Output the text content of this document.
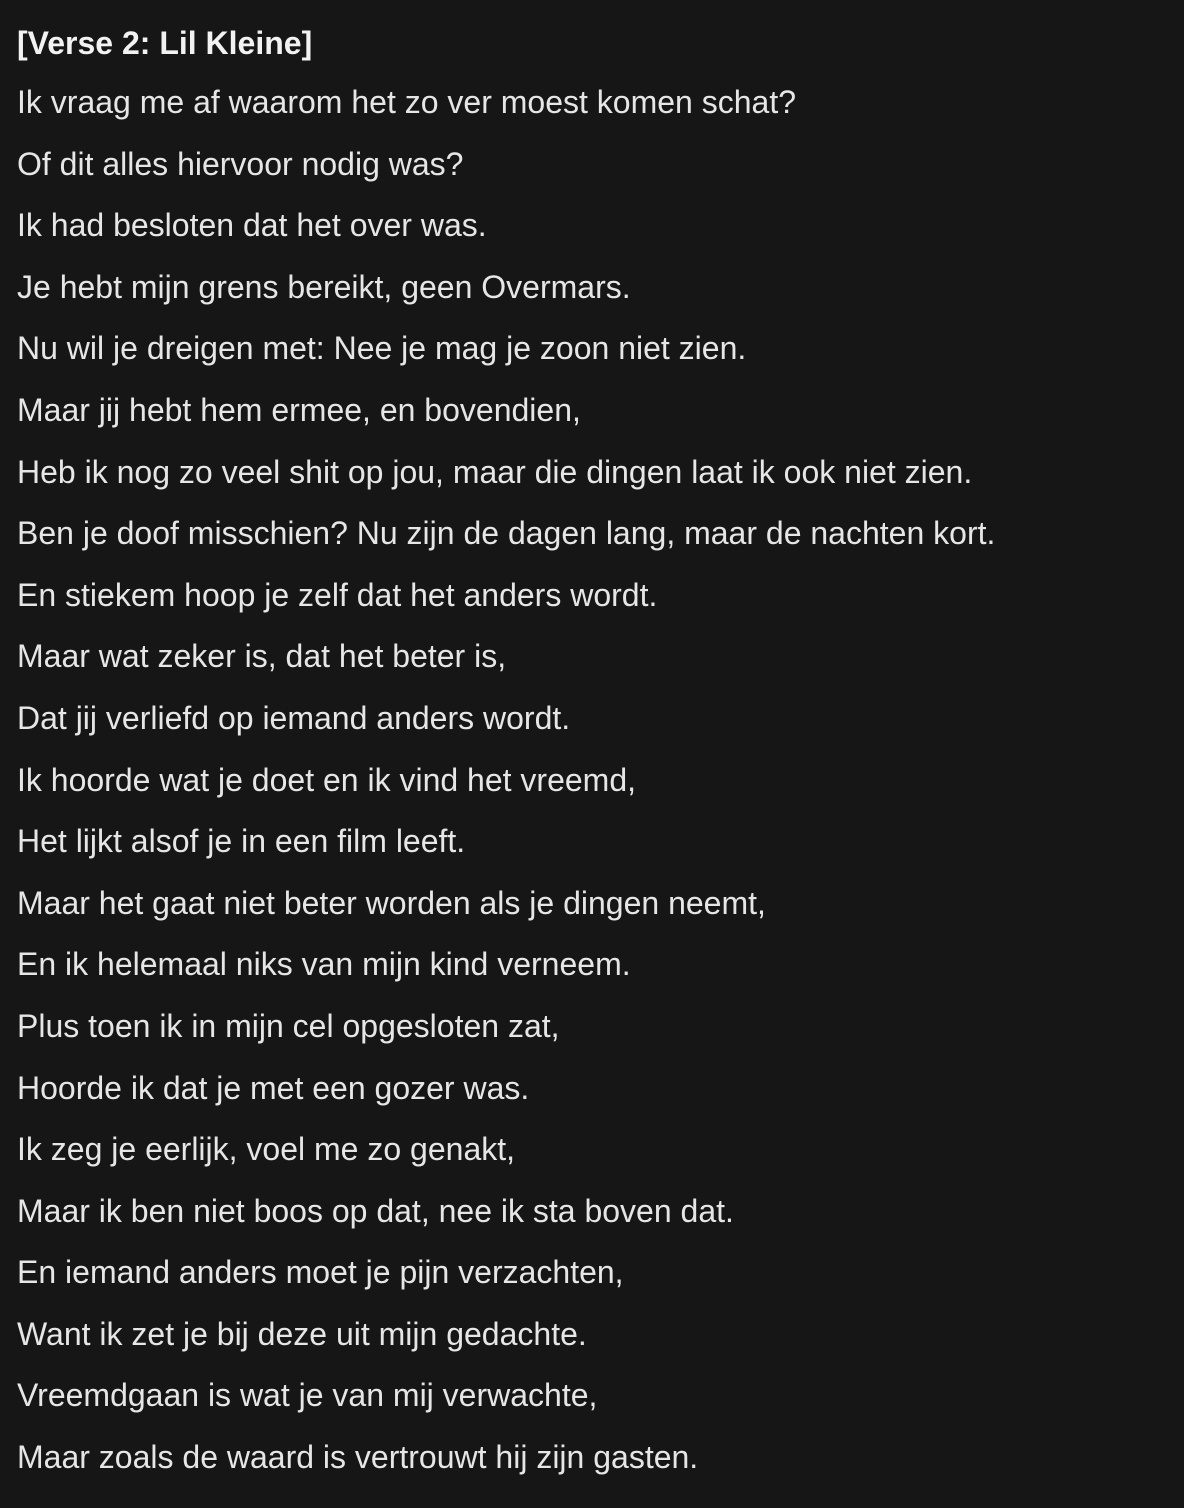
[Verse 2: Lil Kleine]
Ik vraag me af waarom het zo ver moest komen schat?
Of dit alles hiervoor nodig was?
Ik had besloten dat het over was.
Je hebt mijn grens bereikt, geen Overmars.
Nu wil je dreigen met: Nee je mag je zoon niet zien.
Maar jij hebt hem ermee, en bovendien,
Heb ik nog zo veel shit op jou, maar die dingen laat ik ook niet zien.
Ben je doof misschien? Nu zijn de dagen lang, maar de nachten kort.
En stiekem hoop je zelf dat het anders wordt.
Maar wat zeker is, dat het beter is,
Dat jij verliefd op iemand anders wordt.
Ik hoorde wat je doet en ik vind het vreemd,
Het lijkt alsof je in een film leeft.
Maar het gaat niet beter worden als je dingen neemt,
En ik helemaal niks van mijn kind verneem.
Plus toen ik in mijn cel opgesloten zat,
Hoorde ik dat je met een gozer was.
Ik zeg je eerlijk, voel me zo genakt,
Maar ik ben niet boos op dat, nee ik sta boven dat.
En iemand anders moet je pijn verzachten,
Want ik zet je bij deze uit mijn gedachte.
Vreemdgaan is wat je van mij verwachte,
Maar zoals de waard is vertrouwt hij zijn gasten.
